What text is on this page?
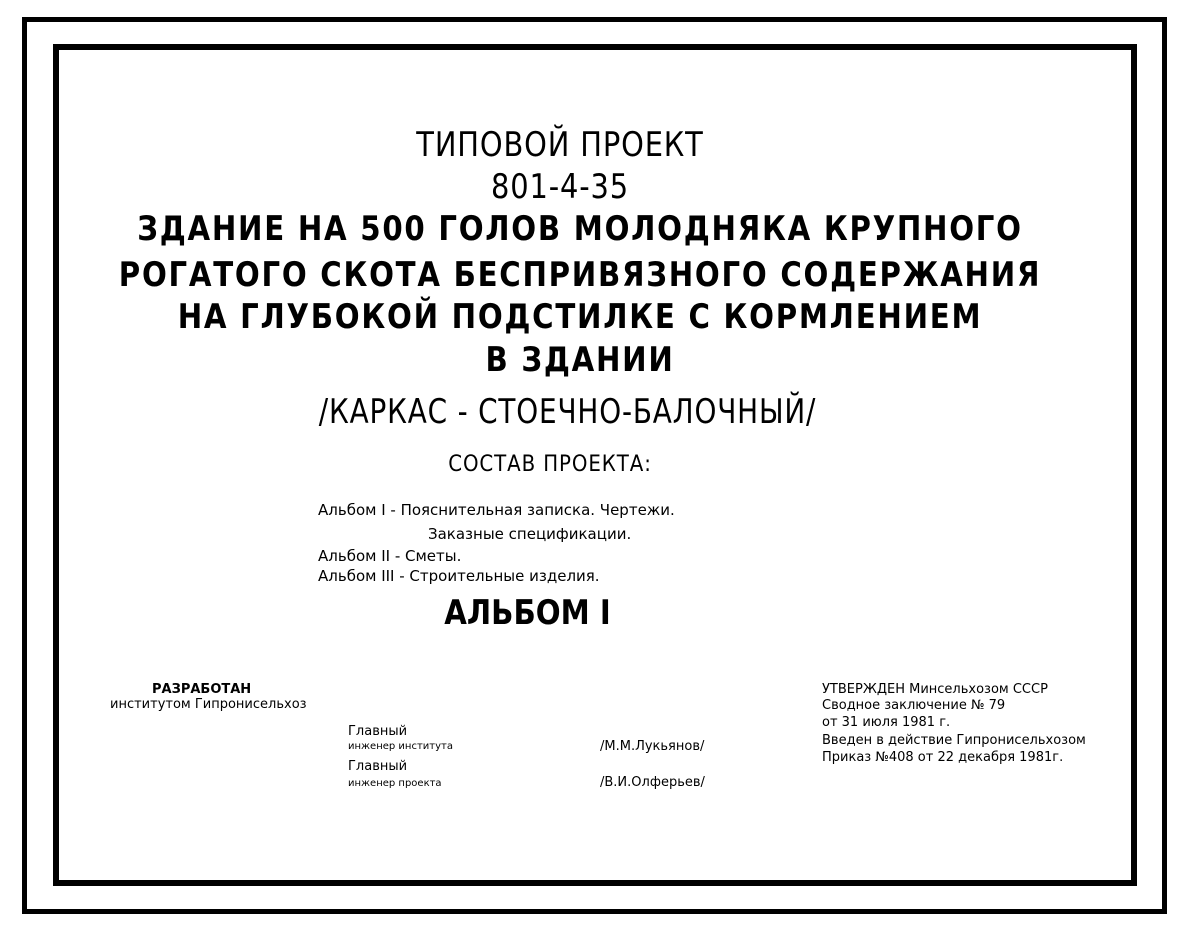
ТИПОВОЙ ПРОЕКТ
801-4-35
ЗДАНИЕ НА 500 ГОЛОВ МОЛОДНЯКА КРУПНОГО
РОГАТОГО СКОТА БЕСПРИВЯЗНОГО СОДЕРЖАНИЯ
НА ГЛУБОКОЙ ПОДСТИЛКЕ С КОРМЛЕНИЕМ
В ЗДАНИИ
/КАРКАС - СТОЕЧНО-БАЛОЧНЫЙ/
СОСТАВ ПРОЕКТА:
Альбом I - Пояснительная записка. Чертежи.
Заказные спецификации.
Альбом II - Сметы.
Альбом III - Строительные изделия.
АЛЬБОМ I
РАЗРАБОТАН
институтом Гипронисельхоз
Главный
инженер института	/М.М.Лукьянов/
Главный
инженер проекта	/В.И.Олферьев/
УТВЕРЖДЕН Минсельхозом СССР
Сводное заключение № 79
от 31 июля 1981 г.
Введен в действие Гипронисельхозом
Приказ №408 от 22 декабря 1981г.
